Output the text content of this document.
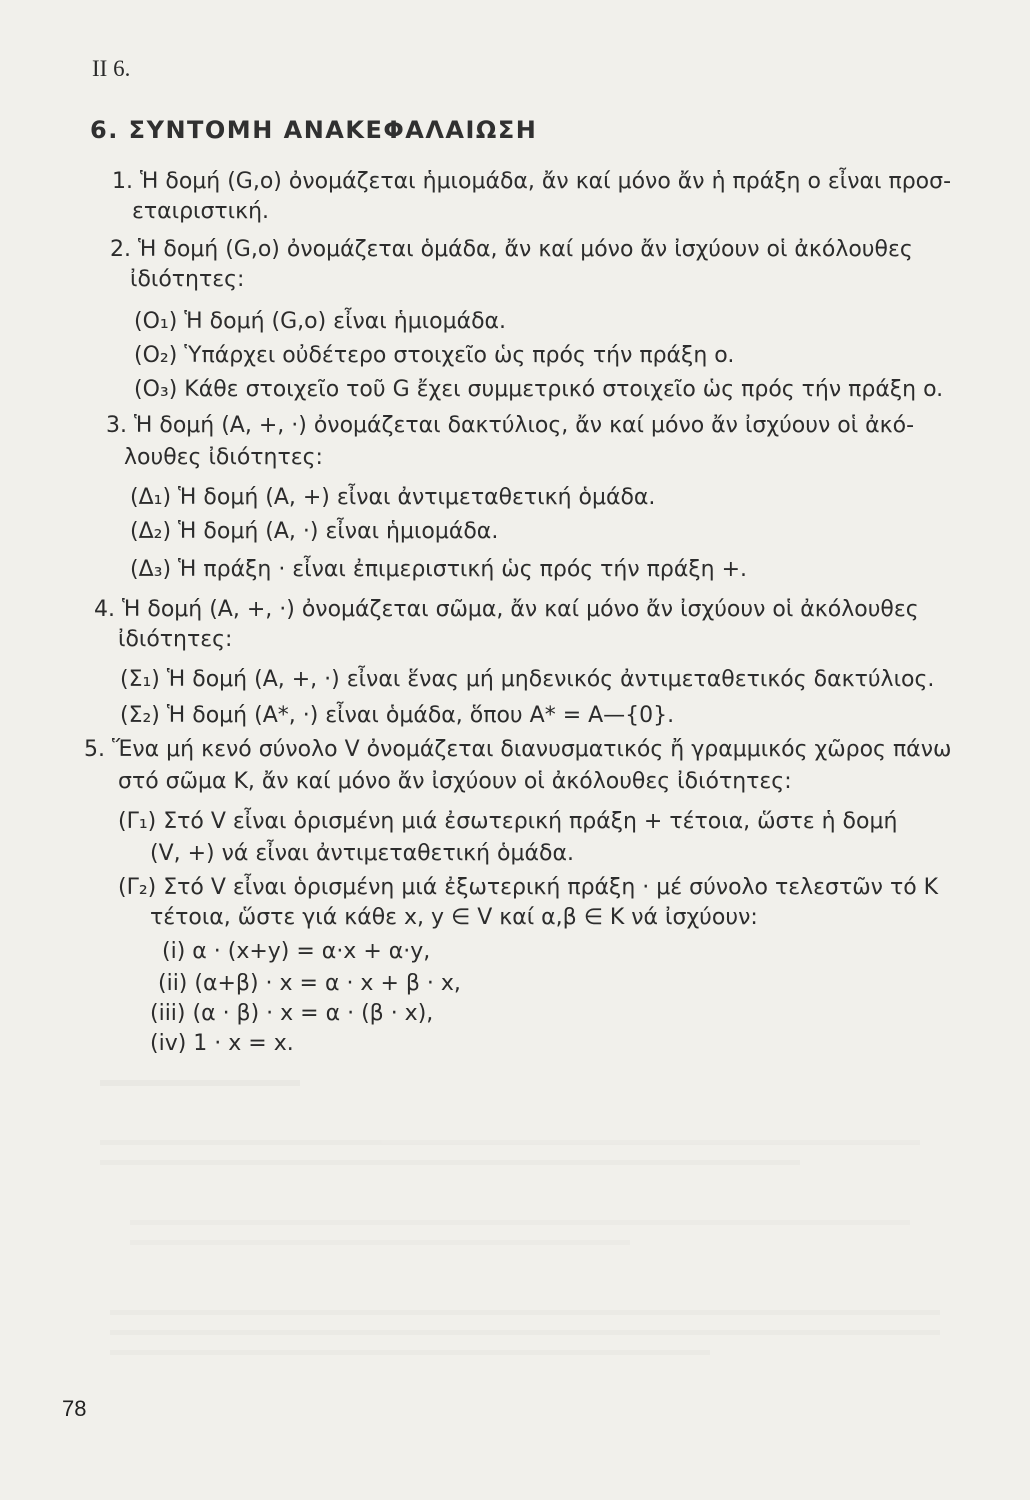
II 6.
6. ΣΥΝΤΟΜΗ ΑΝΑΚΕΦΑΛΑΙΩΣΗ
1. Ἡ δομή (G,o) ὀνομάζεται ἡμιομάδα, ἄν καί μόνο ἄν ἡ πράξη o εἶναι προσ-
εταιριστική.
2. Ἡ δομή (G,o) ὀνομάζεται ὁμάδα, ἄν καί μόνο ἄν ἰσχύουν οἱ ἀκόλουθες
ἰδιότητες:
(O₁) Ἡ δομή (G,o) εἶναι ἡμιομάδα.
(O₂) Ὑπάρχει οὐδέτερο στοιχεῖο ὡς πρός τήν πράξη o.
(O₃) Κάθε στοιχεῖο τοῦ G ἔχει συμμετρικό στοιχεῖο ὡς πρός τήν πράξη o.
3. Ἡ δομή (A, +, ·) ὀνομάζεται δακτύλιος, ἄν καί μόνο ἄν ἰσχύουν οἱ ἀκό-
λουθες ἰδιότητες:
(Δ₁) Ἡ δομή (A, +) εἶναι ἀντιμεταθετική ὁμάδα.
(Δ₂) Ἡ δομή (A, ·) εἶναι ἡμιομάδα.
(Δ₃) Ἡ πράξη · εἶναι ἐπιμεριστική ὡς πρός τήν πράξη +.
4. Ἡ δομή (A, +, ·) ὀνομάζεται σῶμα, ἄν καί μόνο ἄν ἰσχύουν οἱ ἀκόλουθες
ἰδιότητες:
(Σ₁) Ἡ δομή (A, +, ·) εἶναι ἕνας μή μηδενικός ἀντιμεταθετικός δακτύλιος.
(Σ₂) Ἡ δομή (A*, ·) εἶναι ὁμάδα, ὅπου A* = A—{0}.
5. Ἕνα μή κενό σύνολο V ὀνομάζεται διανυσματικός ἤ γραμμικός χῶρος πάνω
στό σῶμα K, ἄν καί μόνο ἄν ἰσχύουν οἱ ἀκόλουθες ἰδιότητες:
(Γ₁) Στό V εἶναι ὁρισμένη μιά ἐσωτερική πράξη + τέτοια, ὥστε ἡ δομή
(V, +) νά εἶναι ἀντιμεταθετική ὁμάδα.
(Γ₂) Στό V εἶναι ὁρισμένη μιά ἐξωτερική πράξη · μέ σύνολο τελεστῶν τό K
τέτοια, ὥστε γιά κάθε x, y ∈ V καί α,β ∈ K νά ἰσχύουν:
(i) α · (x+y) = α·x + α·y,
(ii) (α+β) · x = α · x + β · x,
(iii) (α · β) · x = α · (β · x),
(iv) 1 · x = x.
78
